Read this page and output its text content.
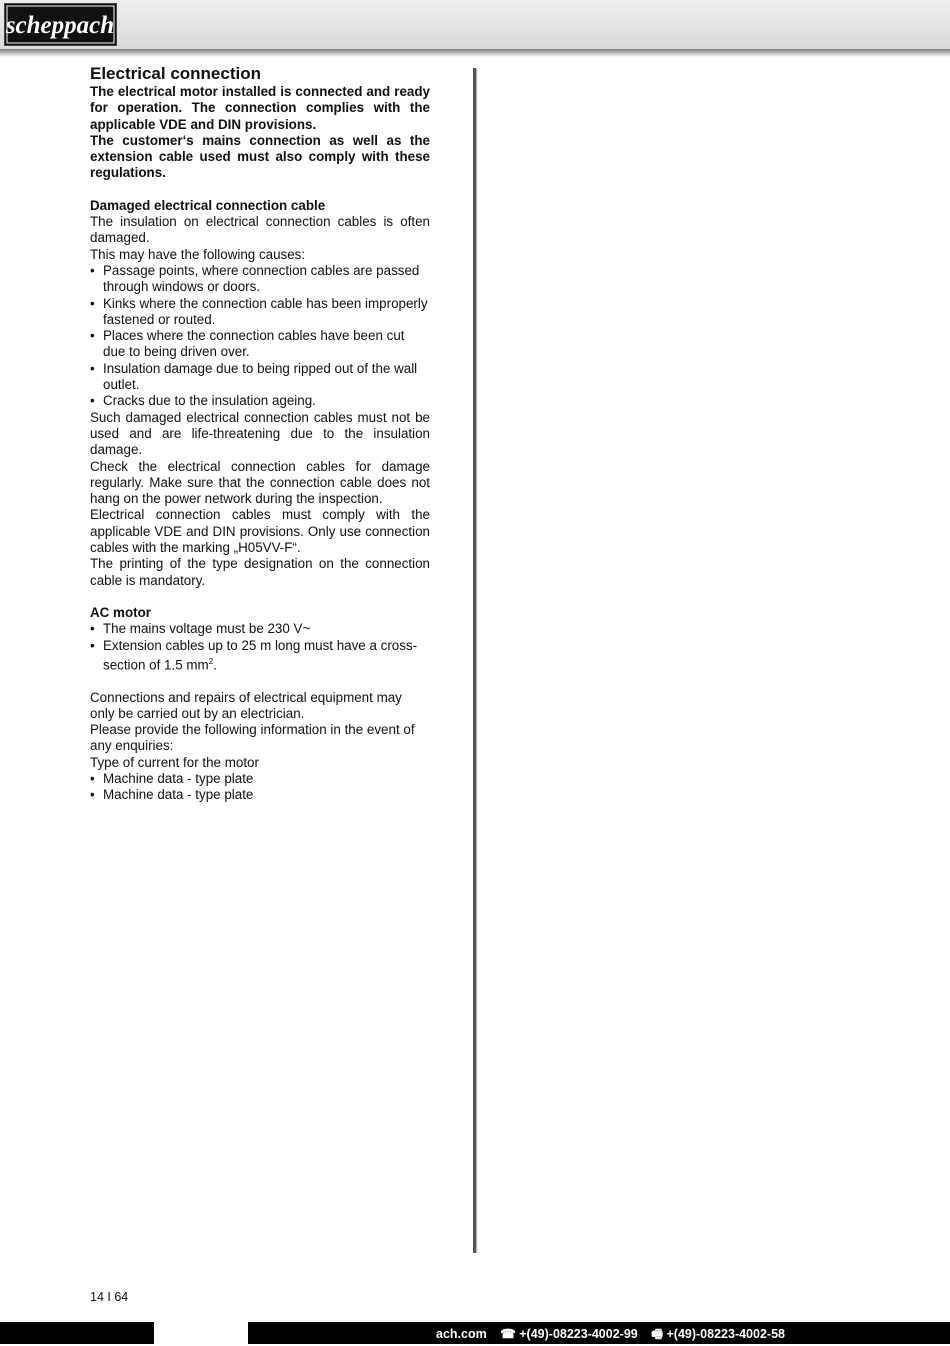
scheppach
Electrical connection

The electrical motor installed is connected and ready for operation. The connection complies with the applicable VDE and DIN provisions.

The customer‘s mains connection as well as the extension cable used must also comply with these regulations.

Damaged electrical connection cable

The insulation on electrical connection cables is often damaged.

This may have the following causes:

• Passage points, where connection cables are passed through windows or doors.
• Kinks where the connection cable has been improperly fastened or routed.
• Places where the connection cables have been cut due to being driven over.
• Insulation damage due to being ripped out of the wall outlet.
• Cracks due to the insulation ageing.

Such damaged electrical connection cables must not be used and are life-threatening due to the insulation damage.

Check the electrical connection cables for damage regularly. Make sure that the connection cable does not hang on the power network during the inspection.

Electrical connection cables must comply with the applicable VDE and DIN provisions. Only use connection cables with the marking „H05VV-F“.

The printing of the type designation on the connection cable is mandatory.

AC motor
• The mains voltage must be 230 V~
• Extension cables up to 25 m long must have a cross-section of 1.5 $mm^2$.

Connections and repairs of electrical equipment may only be carried out by an electrician.

Please provide the following information in the event of any enquiries:

Type of current for the motor

• Machine data - type plate
• Machine data - type plate
14 I 64
ach.com ☎ +(49)-08223-4002-99 🖷 +(49)-08223-4002-58
